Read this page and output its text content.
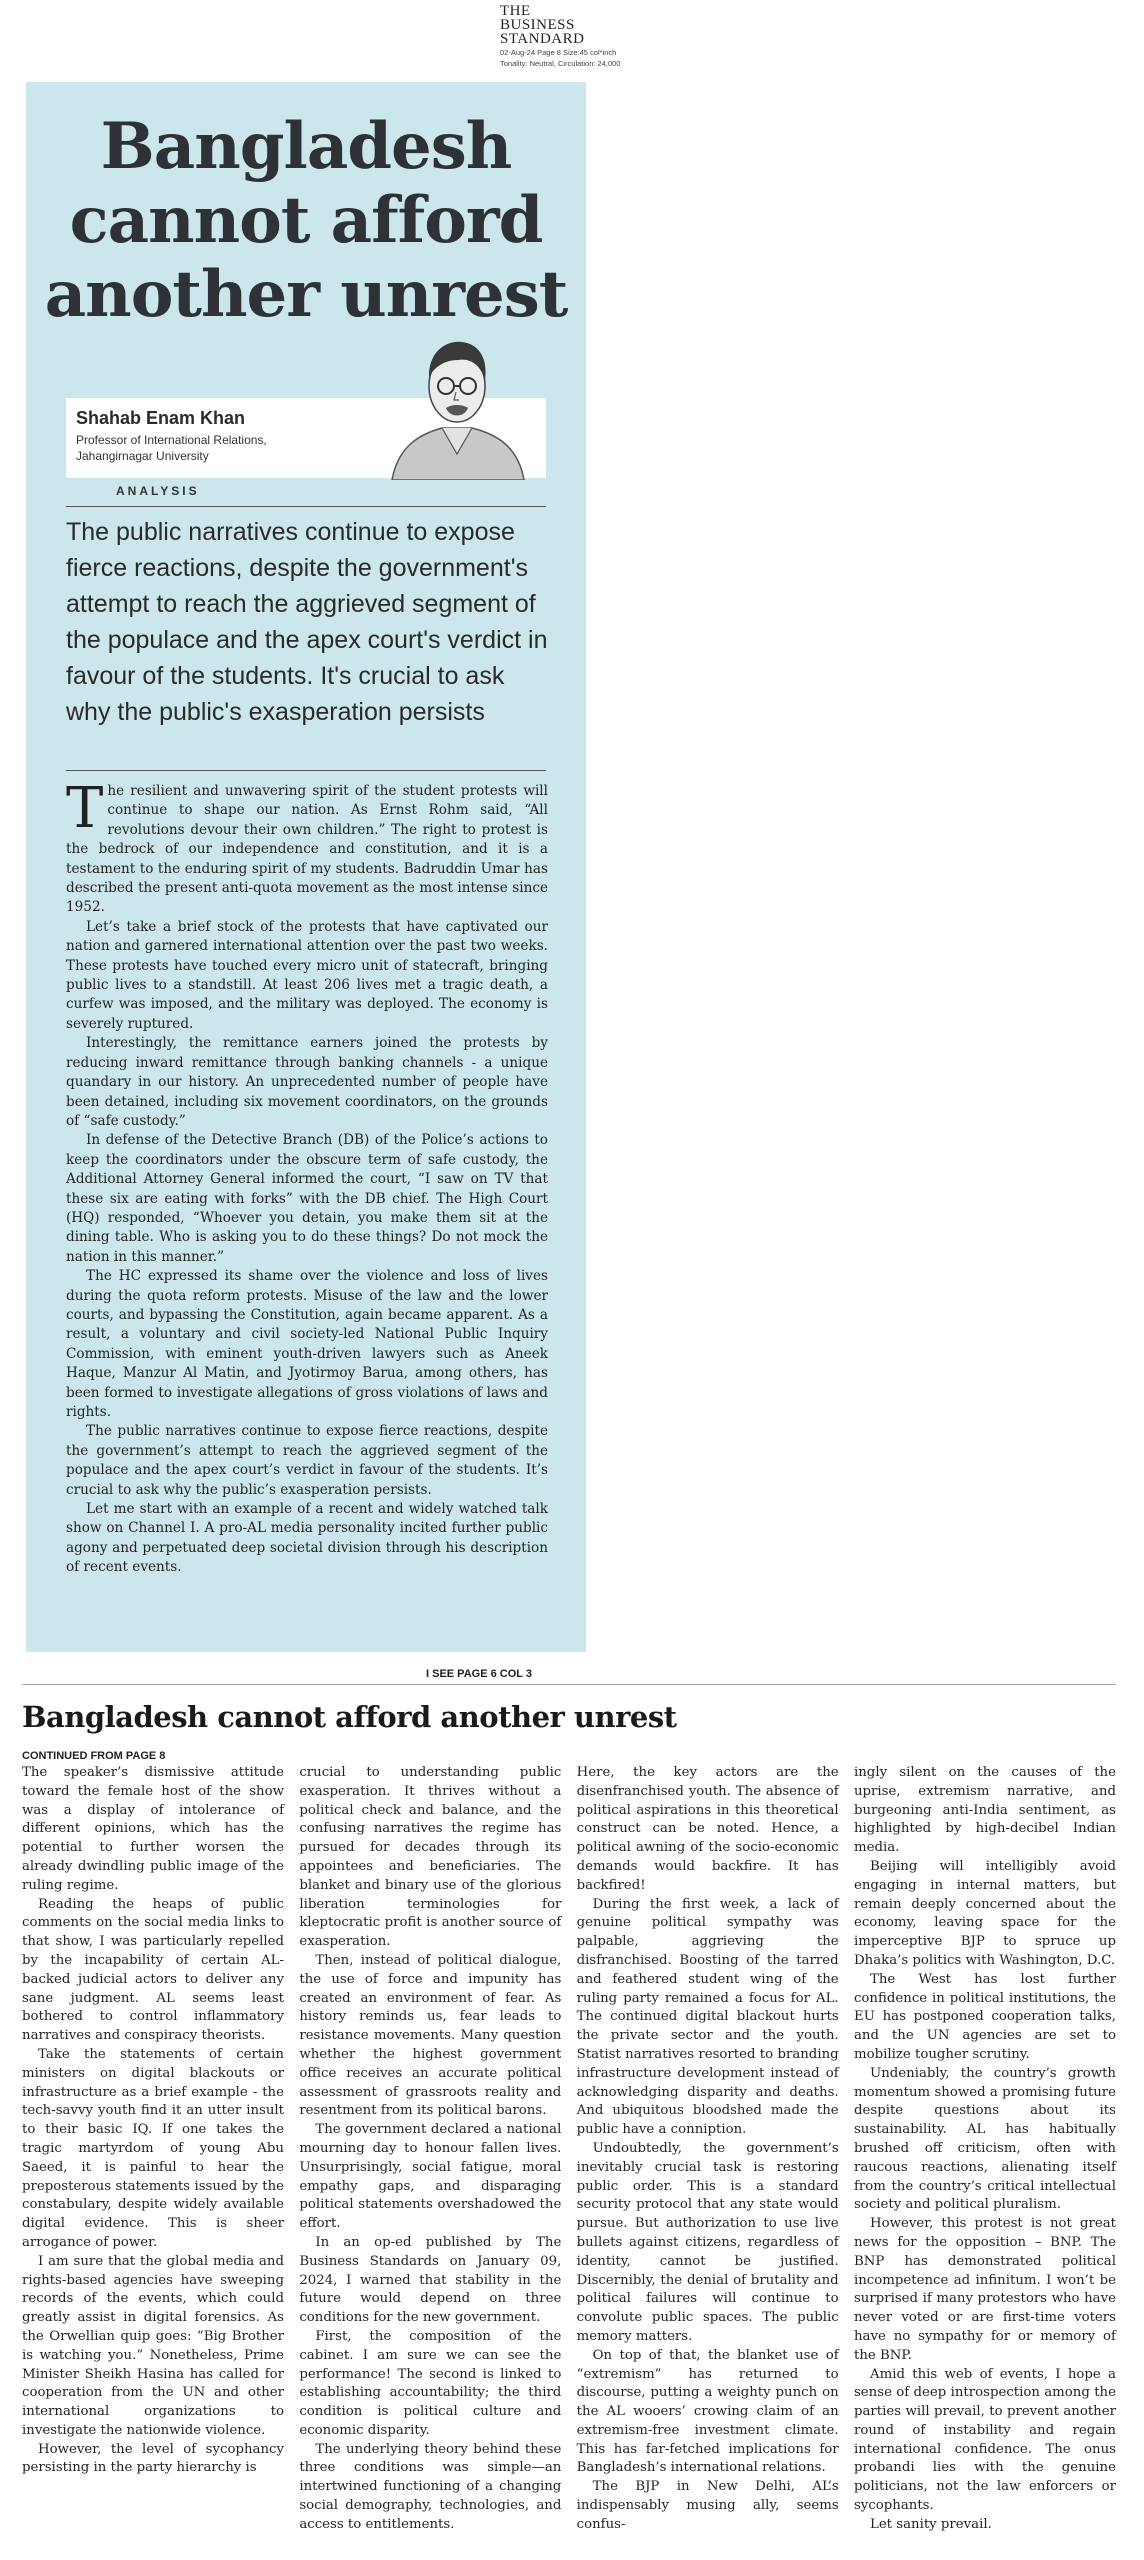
THE
BUSINESS
STANDARD
02-Aug-24 Page 8 Size:45 col*inch
Tonality: Neutral, Circulation: 24,000
Bangladesh
cannot afford
another unrest
Shahab Enam Khan
Professor of International Relations, Jahangirnagar University
ANALYSIS
The public narratives continue to expose fierce reactions, despite the government's attempt to reach the aggrieved segment of the populace and the apex court's verdict in favour of the students. It's crucial to ask why the public's exasperation persists

The resilient and unwavering spirit of the student protests will continue to shape our nation. As Ernst Rohm said, “All revolutions devour their own children.” The right to protest is the bedrock of our independence and constitution, and it is a testament to the enduring spirit of my students. Badruddin Umar has described the present anti-quota movement as the most intense since 1952.

Let’s take a brief stock of the protests that have captivated our nation and garnered international attention over the past two weeks. These protests have touched every micro unit of statecraft, bringing public lives to a standstill. At least 206 lives met a tragic death, a curfew was imposed, and the military was deployed. The economy is severely ruptured.

Interestingly, the remittance earners joined the protests by reducing inward remittance through banking channels - a unique quandary in our history. An unprecedented number of people have been detained, including six movement coordinators, on the grounds of “safe custody.”

In defense of the Detective Branch (DB) of the Police’s actions to keep the coordinators under the obscure term of safe custody, the Additional Attorney General informed the court, “I saw on TV that these six are eating with forks” with the DB chief. The High Court (HQ) responded, “Whoever you detain, you make them sit at the dining table. Who is asking you to do these things? Do not mock the nation in this manner.”

The HC expressed its shame over the violence and loss of lives during the quota reform protests. Misuse of the law and the lower courts, and bypassing the Constitution, again became apparent. As a result, a voluntary and civil society-led National Public Inquiry Commission, with eminent youth-driven lawyers such as Aneek Haque, Manzur Al Matin, and Jyotirmoy Barua, among others, has been formed to investigate allegations of gross violations of laws and rights.

The public narratives continue to expose fierce reactions, despite the government’s attempt to reach the aggrieved segment of the populace and the apex court’s verdict in favour of the students. It’s crucial to ask why the public’s exasperation persists.

Let me start with an example of a recent and widely watched talk show on Channel I. A pro-AL media personality incited further public agony and perpetuated deep societal division through his description of recent events.

I SEE PAGE 6 COL 3
Bangladesh cannot afford another unrest
CONTINUED FROM PAGE 8

The speaker’s dismissive attitude toward the female host of the show was a display of intolerance of different opinions, which has the potential to further worsen the already dwindling public image of the ruling regime.

Reading the heaps of public comments on the social media links to that show, I was particularly repelled by the incapability of certain AL-backed judicial actors to deliver any sane judgment. AL seems least bothered to control inflammatory narratives and conspiracy theorists.

Take the statements of certain ministers on digital blackouts or infrastructure as a brief example - the tech-savvy youth find it an utter insult to their basic IQ. If one takes the tragic martyrdom of young Abu Saeed, it is painful to hear the preposterous statements issued by the constabulary, despite widely available digital evidence. This is sheer arrogance of power.

I am sure that the global media and rights-based agencies have sweeping records of the events, which could greatly assist in digital forensics. As the Orwellian quip goes: “Big Brother is watching you.” Nonetheless, Prime Minister Sheikh Hasina has called for cooperation from the UN and other international organizations to investigate the nationwide violence.

However, the level of sycophancy persisting in the party hierarchy is

crucial to understanding public exasperation. It thrives without a political check and balance, and the confusing narratives the regime has pursued for decades through its appointees and beneficiaries. The blanket and binary use of the glorious liberation terminologies for kleptocratic profit is another source of exasperation.

Then, instead of political dialogue, the use of force and impunity has created an environment of fear. As history reminds us, fear leads to resistance movements. Many question whether the highest government office receives an accurate political assessment of grassroots reality and resentment from its political barons.

The government declared a national mourning day to honour fallen lives. Unsurprisingly, social fatigue, moral empathy gaps, and disparaging political statements overshadowed the effort.

In an op-ed published by The Business Standards on January 09, 2024, I warned that stability in the future would depend on three conditions for the new government.

First, the composition of the cabinet. I am sure we can see the performance! The second is linked to establishing accountability; the third condition is political culture and economic disparity.

The underlying theory behind these three conditions was simple—an intertwined functioning of a changing social demography, technologies, and access to entitlements.

Here, the key actors are the disenfranchised youth. The absence of political aspirations in this theoretical construct can be noted. Hence, a political awning of the socio-economic demands would backfire. It has backfired!

During the first week, a lack of genuine political sympathy was palpable, aggrieving the disfranchised. Boosting of the tarred and feathered student wing of the ruling party remained a focus for AL. The continued digital blackout hurts the private sector and the youth. Statist narratives resorted to branding infrastructure development instead of acknowledging disparity and deaths. And ubiquitous bloodshed made the public have a conniption.

Undoubtedly, the government’s inevitably crucial task is restoring public order. This is a standard security protocol that any state would pursue. But authorization to use live bullets against citizens, regardless of identity, cannot be justified. Discernibly, the denial of brutality and political failures will continue to convolute public spaces. The public memory matters.

On top of that, the blanket use of “extremism” has returned to discourse, putting a weighty punch on the AL wooers’ crowing claim of an extremism-free investment climate. This has far-fetched implications for Bangladesh’s international relations.

The BJP in New Delhi, AL’s indispensably musing ally, seems confus-

ingly silent on the causes of the uprise, extremism narrative, and burgeoning anti-India sentiment, as highlighted by high-decibel Indian media.

Beijing will intelligibly avoid engaging in internal matters, but remain deeply concerned about the economy, leaving space for the imperceptive BJP to spruce up Dhaka’s politics with Washington, D.C.

The West has lost further confidence in political institutions, the EU has postponed cooperation talks, and the UN agencies are set to mobilize tougher scrutiny.

Undeniably, the country’s growth momentum showed a promising future despite questions about its sustainability. AL has habitually brushed off criticism, often with raucous reactions, alienating itself from the country’s critical intellectual society and political pluralism.

However, this protest is not great news for the opposition – BNP. The BNP has demonstrated political incompetence ad infinitum. I won’t be surprised if many protestors who have never voted or are first-time voters have no sympathy for or memory of the BNP.

Amid this web of events, I hope a sense of deep introspection among the parties will prevail, to prevent another round of instability and regain international confidence. The onus probandi lies with the genuine politicians, not the law enforcers or sycophants.

Let sanity prevail.
